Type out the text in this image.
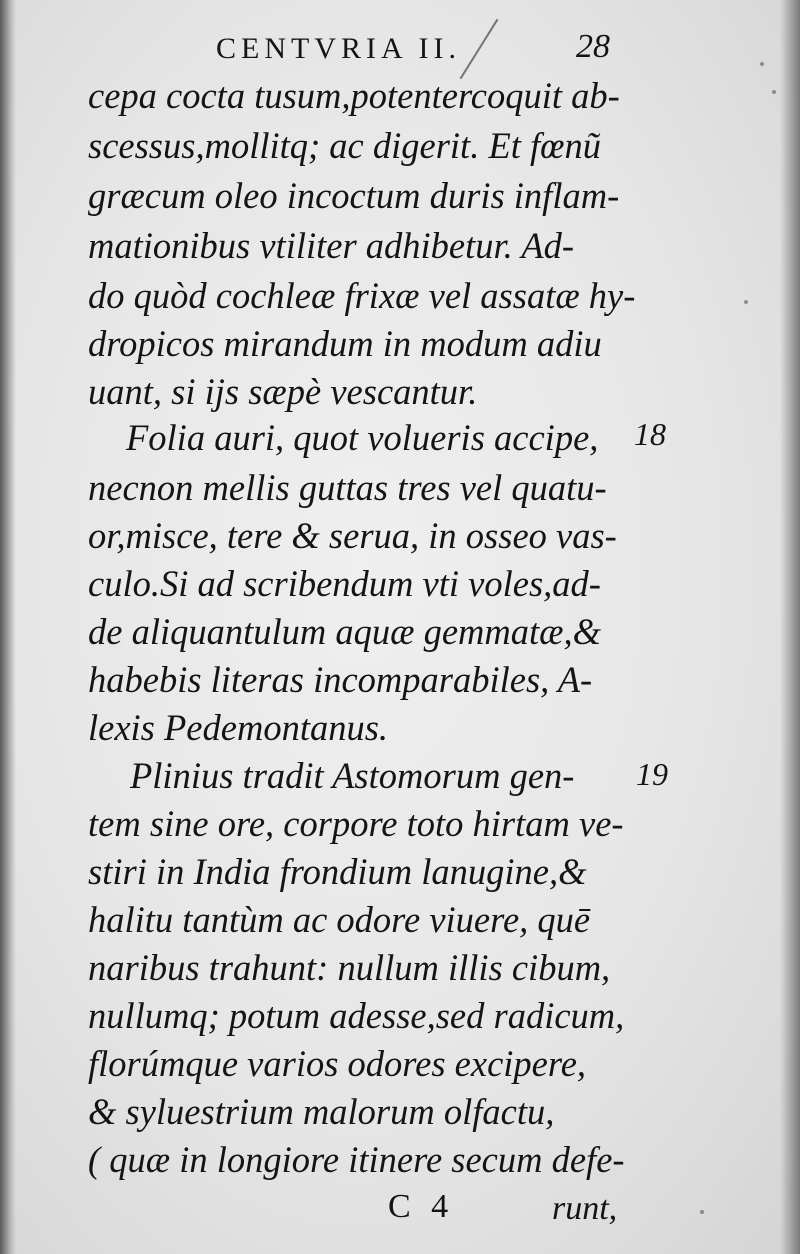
CENTVRIA II.	28
cepa cocta tusum,potentercoquit ab-
scessus,mollitq; ac digerit. Et fœnũ
græcum oleo incoctum duris inflam-
mationibus vtiliter adhibetur. Ad-
do quòd cochleæ frixæ vel assatæ hy-
dropicos mirandum in modum adiu
uant, si ijs sæpè vescantur.
Folia auri, quot volueris accipe, 18
necnon mellis guttas tres vel quatu-
or,misce, tere & serua, in osseo vas-
culo.Si ad scribendum vti voles,ad-
de aliquantulum aquæ gemmatæ,&
habebis literas incomparabiles, A-
lexis Pedemontanus.
Plinius tradit Astomorum gen- 19
tem sine ore, corpore toto hirtam ve-
stiri in India frondium lanugine,&
halitu tantùm ac odore viuere, quē
naribus trahunt: nullum illis cibum,
nullumq; potum adesse,sed radicum,
florúmque varios odores excipere,
& syluestrium malorum olfactu,
( quæ in longiore itinere secum defe-
C 4	runt,
